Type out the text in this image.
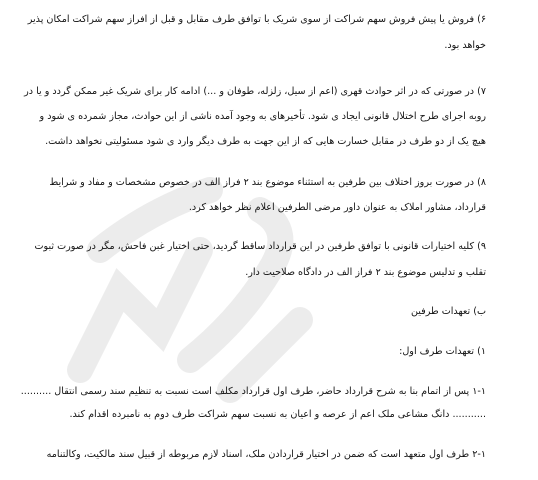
۶) فروش یا پیش فروش سهم شراکت از سوی شریک با توافق طرف مقابل و قبل از افراز سهم شراکت امکان پذیر
خواهد بود.
۷) در صورتی که در اثر حوادث قهری (اعم از سیل، زلزله، طوفان و ...) ادامه کار برای شریک غیر ممکن گردد و یا در
روبه اجرای طرح اختلال قانونی ایجاد ی شود. تأخیرهای به وجود آمده ناشی از این حوادث، مجاز شمرده ی شود و
هیچ یک از دو طرف در مقابل خسارت هایی که از این جهت به طرف دیگر وارد ی شود مسئولیتی نخواهد داشت.
۸) در صورت بروز اختلاف بین طرفین به استثناء موضوع بند ۲ فراز الف در خصوص مشخصات و مفاد و شرایط
قرارداد، مشاور املاک به عنوان داور مرضی الطرفین اعلام نظر خواهد کرد.
۹) کلیه اختیارات قانونی با توافق طرفین در این قرارداد ساقط گردید، حتی اختیار غبن فاحش، مگر در صورت ثبوت
تقلب و تدلیس موضوع بند ۲ فراز الف در دادگاه صلاحیت دار.
ب) تعهدات طرفین
۱) تعهدات طرف اول:
۱-۱ پس از اتمام بنا به شرح قرارداد حاضر، طرف اول قرارداد مکلف است نسبت به تنظیم سند رسمی انتقال ..........
........... دانگ مشاعی ملک اعم از عرصه و اعیان به نسبت سهم شراکت طرف دوم به نامبرده اقدام کند.
۲-۱ طرف اول متعهد است که ضمن در اختیار قراردادن ملک، اسناد لازم مربوطه از قبیل سند مالکیت، وکالتنامه
